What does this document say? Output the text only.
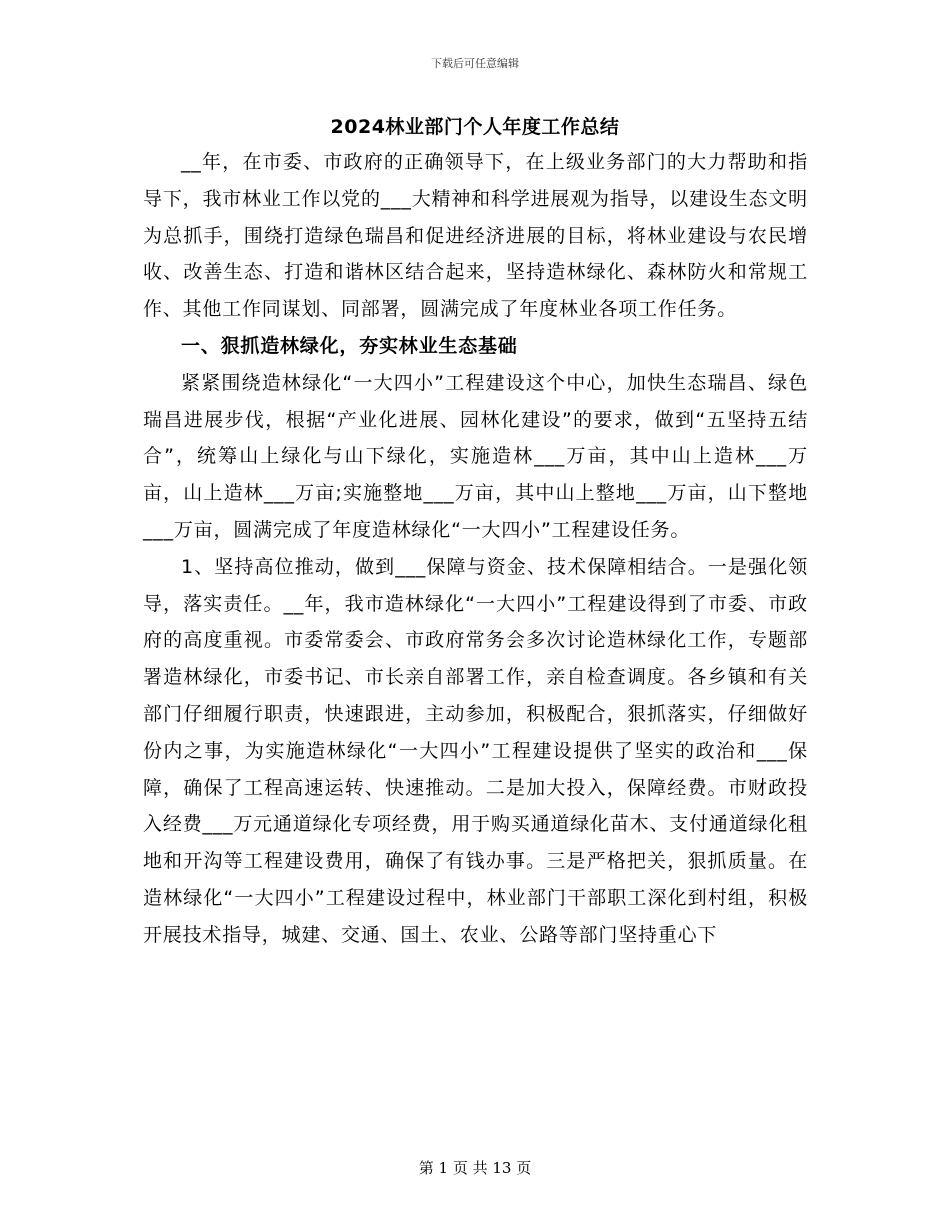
下载后可任意编辑
2024林业部门个人年度工作总结

__年，在市委、市政府的正确领导下，在上级业务部门的大力帮助和指导下，我市林业工作以党的___大精神和科学进展观为指导，以建设生态文明为总抓手，围绕打造绿色瑞昌和促进经济进展的目标，将林业建设与农民增收、改善生态、打造和谐林区结合起来，坚持造林绿化、森林防火和常规工作、其他工作同谋划、同部署，圆满完成了年度林业各项工作任务。

一、狠抓造林绿化，夯实林业生态基础

紧紧围绕造林绿化“一大四小”工程建设这个中心，加快生态瑞昌、绿色瑞昌进展步伐，根据“产业化进展、园林化建设”的要求，做到“五坚持五结合”，统筹山上绿化与山下绿化，实施造林___万亩，其中山上造林___万亩，山上造林___万亩;实施整地___万亩，其中山上整地___万亩，山下整地___万亩，圆满完成了年度造林绿化“一大四小”工程建设任务。

1、坚持高位推动，做到___保障与资金、技术保障相结合。一是强化领导，落实责任。__年，我市造林绿化“一大四小”工程建设得到了市委、市政府的高度重视。市委常委会、市政府常务会多次讨论造林绿化工作，专题部署造林绿化，市委书记、市长亲自部署工作，亲自检查调度。各乡镇和有关部门仔细履行职责，快速跟进，主动参加，积极配合，狠抓落实，仔细做好份内之事，为实施造林绿化“一大四小”工程建设提供了坚实的政治和___保障，确保了工程高速运转、快速推动。二是加大投入，保障经费。市财政投入经费___万元通道绿化专项经费，用于购买通道绿化苗木、支付通道绿化租地和开沟等工程建设费用，确保了有钱办事。三是严格把关，狠抓质量。在造林绿化“一大四小”工程建设过程中，林业部门干部职工深化到村组，积极开展技术指导，城建、交通、国土、农业、公路等部门坚持重心下

第 1 页 共 13 页
